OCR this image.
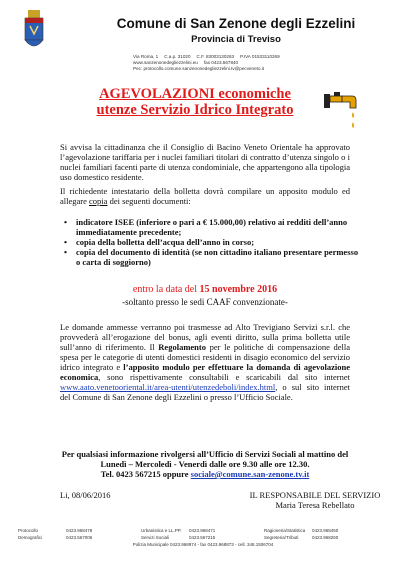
Comune di San Zenone degli Ezzelini
Provincia di Treviso
Via Roma, 1 C.a.p. 31020 C.F. 83003130263 P.IVA 01533110269
www.sanzenonedegliezzelini.eu fax 0423.567840
Pec: protocollo.comune.sanzenonedegliezzelini.tv@pecveneto.it
AGEVOLAZIONI economiche
utenze Servizio Idrico Integrato
Si avvisa la cittadinanza che il Consiglio di Bacino Veneto Orientale ha approvato l’agevolazione tariffaria per i nuclei familiari titolari di contratto d’utenza singolo o i nuclei familiari facenti parte di utenza condominiale, che appartengono alla tipologia uso domestico residente.
Il richiedente intestatario della bolletta dovrà compilare un apposito modulo ed allegare copia dei seguenti documenti:
• indicatore ISEE (inferiore o pari a € 15.000,00) relativo ai redditi dell’anno immediatamente precedente;
• copia della bolletta dell’acqua dell’anno in corso;
• copia del documento di identità (se non cittadino italiano presentare permesso o carta di soggiorno)
entro la data del 15 novembre 2016
-soltanto presso le sedi CAAF convenzionate-
Le domande ammesse verranno poi trasmesse ad Alto Trevigiano Servizi s.r.l. che provvederà all’erogazione del bonus, agli eventi diritto, sulla prima bolletta utile sull’anno di riferimento. Il Regolamento per le politiche di compensazione della spesa per le categorie di utenti domestici residenti in disagio economico del servizio idrico integrato e l’apposito modulo per effettuare la domanda di agevolazione economica, sono rispettivamente consultabili e scaricabili dal sito internet www.aato.veneto​oriental.it/area-utenti/utenzedeboli/index.html, o sul sito internet del Comune di San Zenone degli Ezzelini o presso l’Ufficio Sociale.
Per qualsiasi informazione rivolgersi all’Ufficio di Servizi Sociali al mattino del Lunedì – Mercoledì - Venerdì dalle ore 9.30 alle ore 12.30.
Tel. 0423 567215 oppure sociale@comune.san-zenone.tv.it
Li, 08/06/2016	IL RESPONSABILE DEL SERVIZIO
Maria Teresa Rebellato
Protocollo	0423.968478	Urbanistica e LL.PP.	0423.968471	Ragioneria/Statistica	0423.968450
Demografici	0423.567006	Servizi Sociali	0423.567215	Segreteria/Tributi	0423.968260
Polizia Municipale 0423.968974 - fax 0423.968873 - cell. 348.1506704
